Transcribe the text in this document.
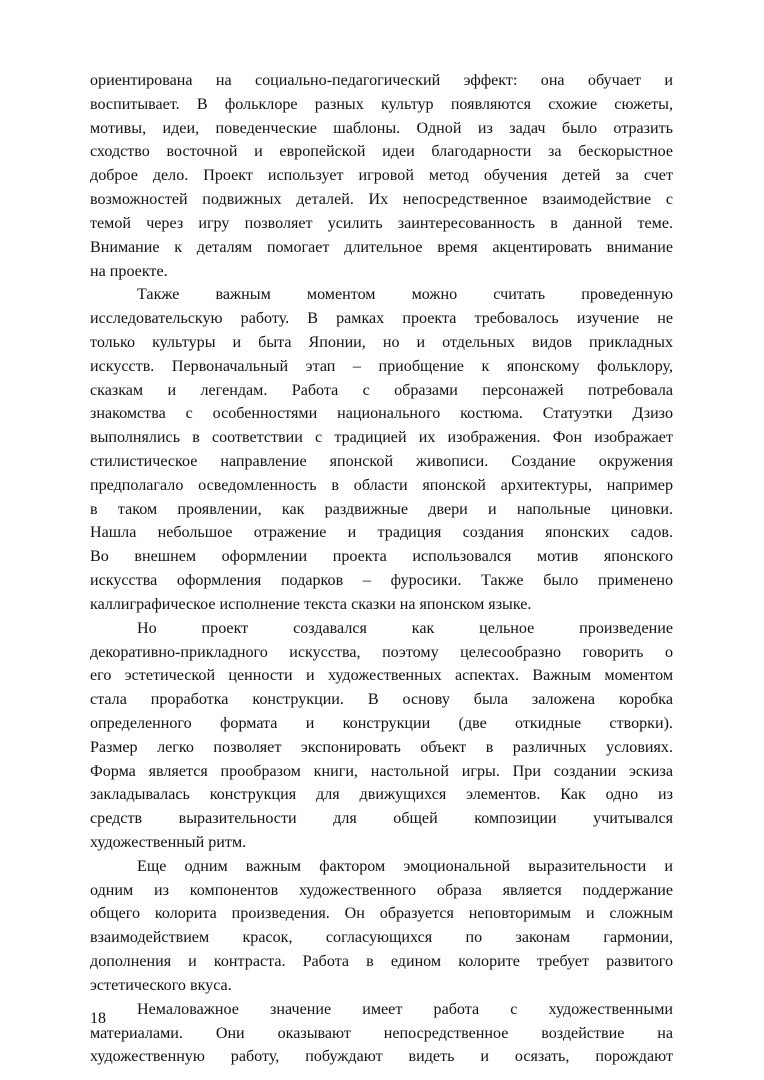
ориентирована на социально-педагогический эффект: она обучает и
воспитывает. В фольклоре разных культур появляются схожие сюжеты,
мотивы, идеи, поведенческие шаблоны. Одной из задач было отразить
сходство восточной и европейской идеи благодарности за бескорыстное
доброе дело. Проект использует игровой метод обучения детей за счет
возможностей подвижных деталей. Их непосредственное взаимодействие с
темой через игру позволяет усилить заинтересованность в данной теме.
Внимание к деталям помогает длительное время акцентировать внимание
на проекте.

Также важным моментом можно считать проведенную
исследовательскую работу. В рамках проекта требовалось изучение не
только культуры и быта Японии, но и отдельных видов прикладных
искусств. Первоначальный этап – приобщение к японскому фольклору,
сказкам и легендам. Работа с образами персонажей потребовала
знакомства с особенностями национального костюма. Статуэтки Дзизо
выполнялись в соответствии с традицией их изображения. Фон изображает
стилистическое направление японской живописи. Создание окружения
предполагало осведомленность в области японской архитектуры, например
в таком проявлении, как раздвижные двери и напольные циновки.
Нашла небольшое отражение и традиция создания японских садов.
Во внешнем оформлении проекта использовался мотив японского
искусства оформления подарков – фуросики. Также было применено
каллиграфическое исполнение текста сказки на японском языке.

Но проект создавался как цельное произведение
декоративно-прикладного искусства, поэтому целесообразно говорить о
его эстетической ценности и художественных аспектах. Важным моментом
стала проработка конструкции. В основу была заложена коробка
определенного формата и конструкции (две откидные створки).
Размер легко позволяет экспонировать объект в различных условиях.
Форма является прообразом книги, настольной игры. При создании эскиза
закладывалась конструкция для движущихся элементов. Как одно из
средств выразительности для общей композиции учитывался
художественный ритм.

Еще одним важным фактором эмоциональной выразительности и
одним из компонентов художественного образа является поддержание
общего колорита произведения. Он образуется неповторимым и сложным
взаимодействием красок, согласующихся по законам гармонии,
дополнения и контраста. Работа в едином колорите требует развитого
эстетического вкуса.

Немаловажное значение имеет работа с художественными
материалами. Они оказывают непосредственное воздействие на
художественную работу, побуждают видеть и осязать, порождают

18
